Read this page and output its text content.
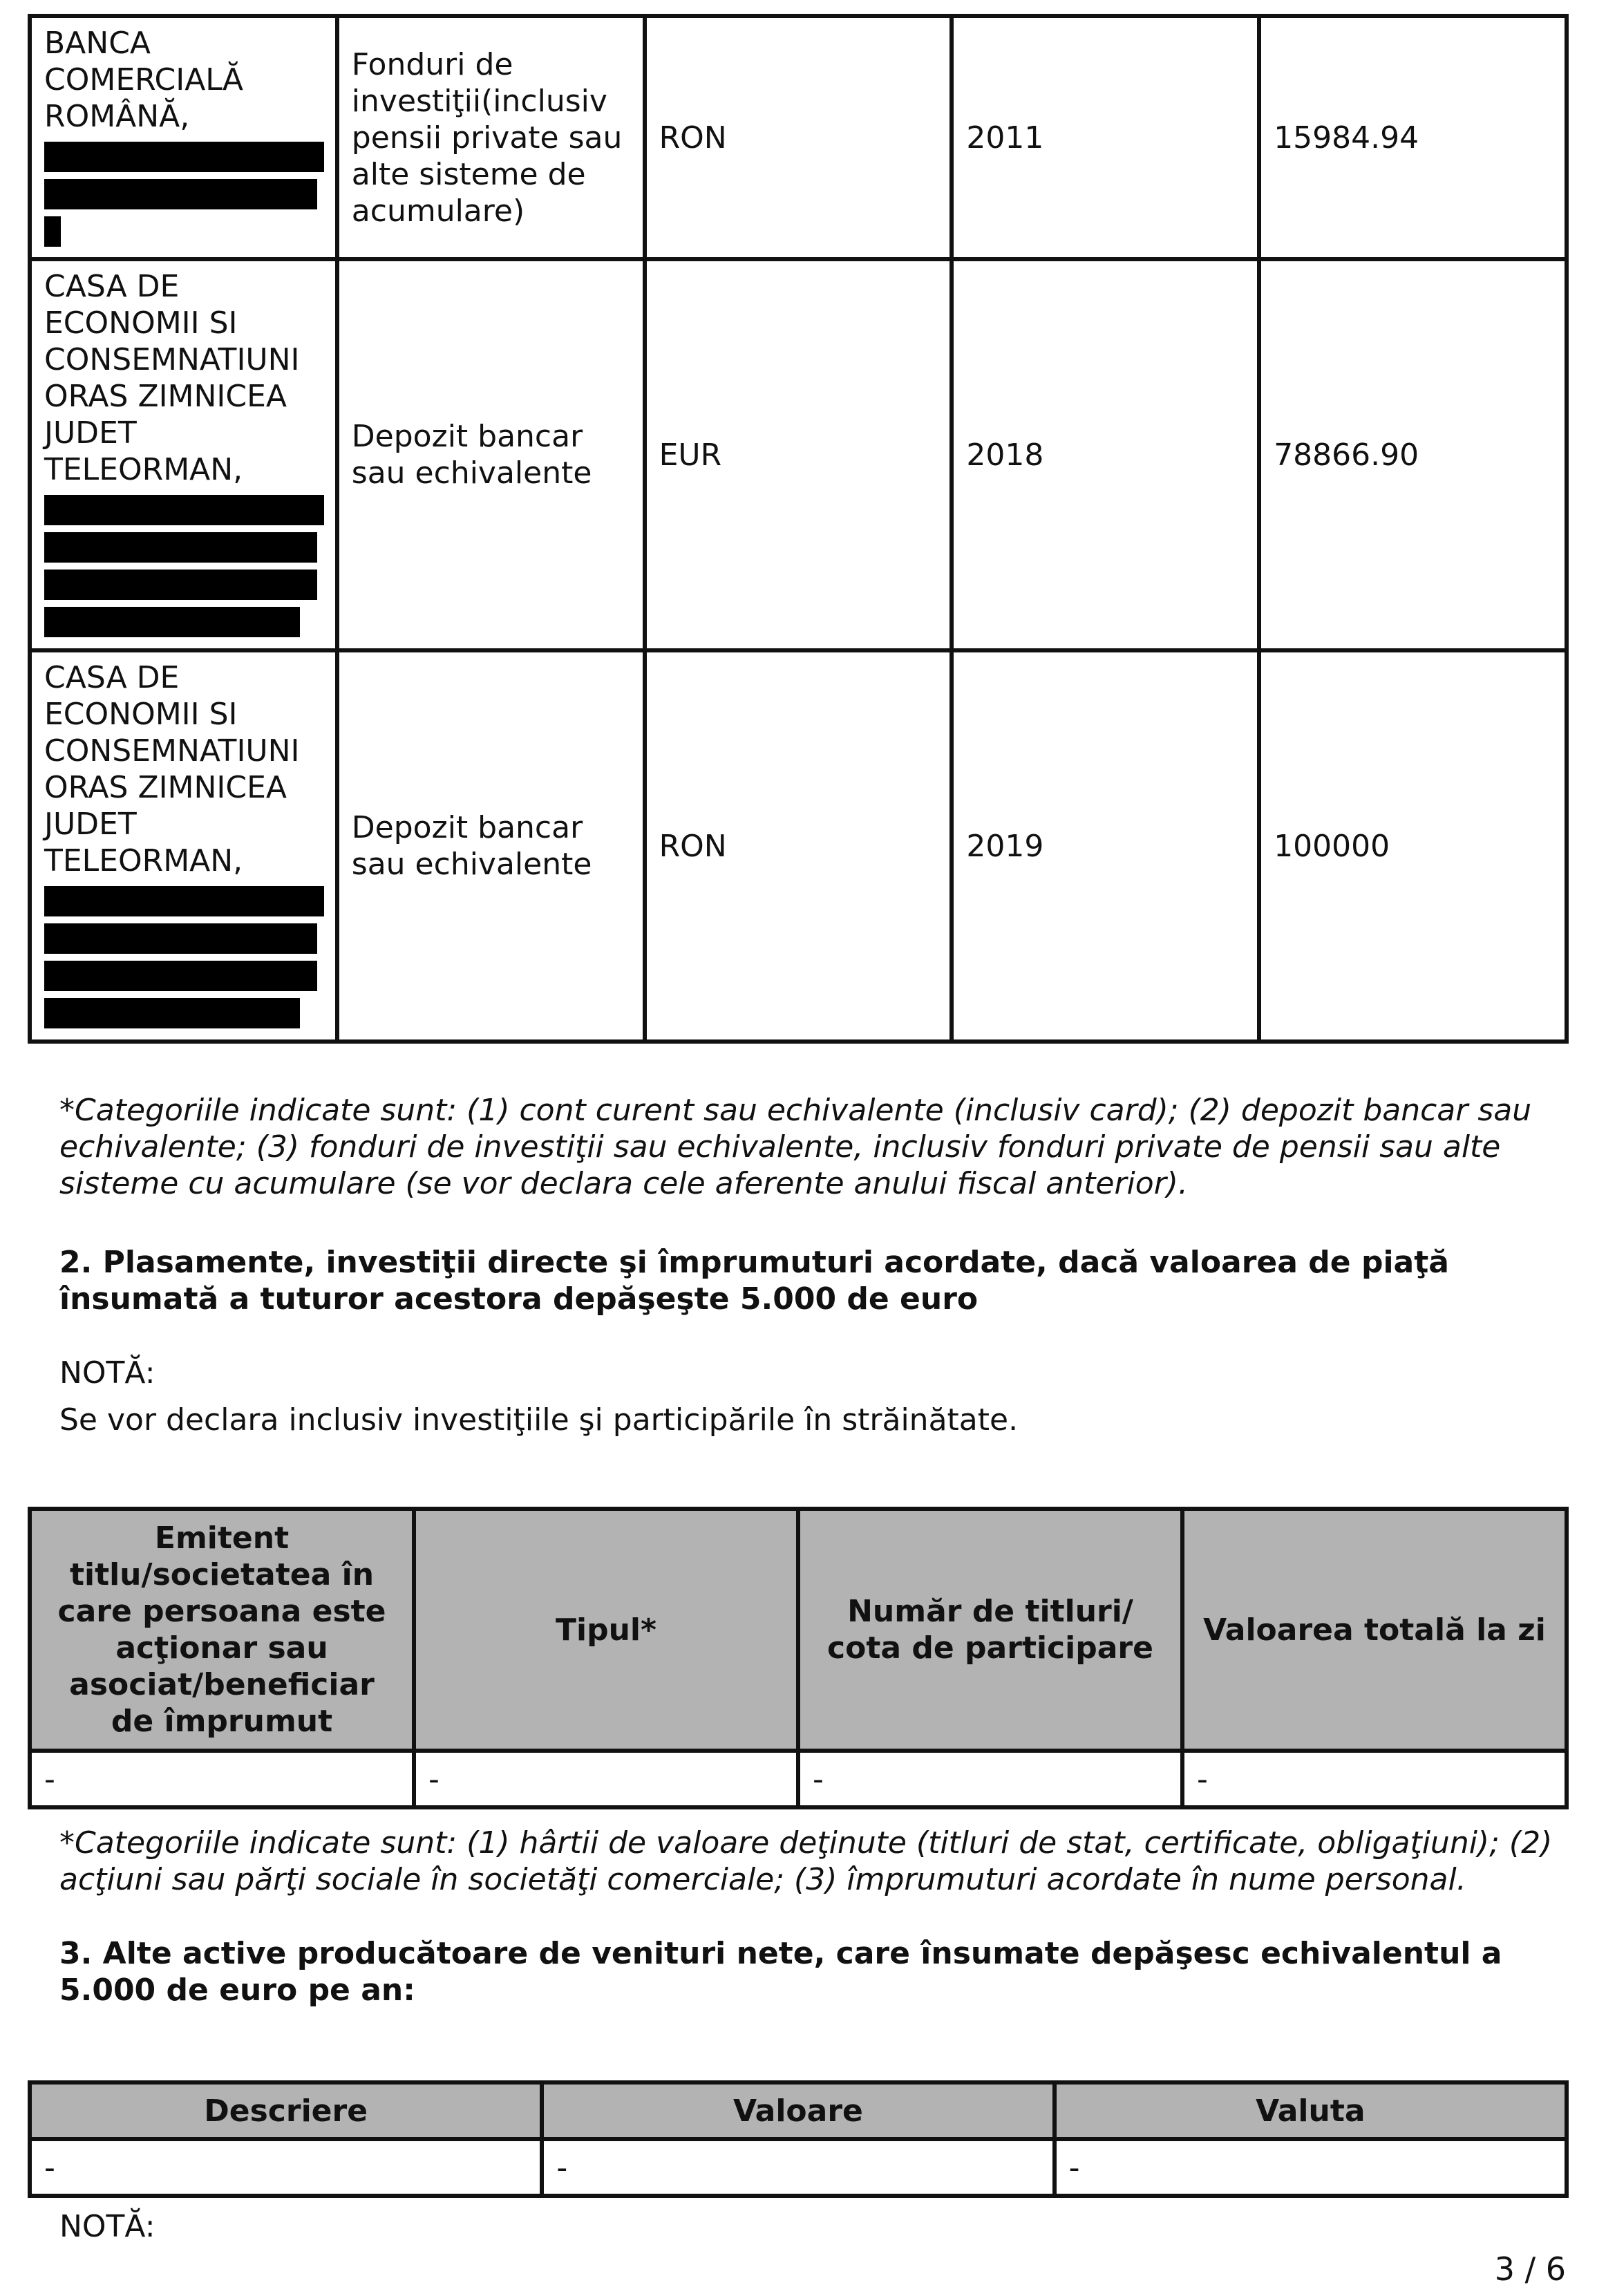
BANCA COMERCIALĂ ROMÂNĂ,	Fonduri de investiţii(inclusiv pensii private sau alte sisteme de acumulare)	RON	2011	15984.94
CASA DE ECONOMII SI CONSEMNATIUNI ORAS ZIMNICEA JUDET TELEORMAN,	Depozit bancar sau echivalente	EUR	2018	78866.90
CASA DE ECONOMII SI CONSEMNATIUNI ORAS ZIMNICEA JUDET TELEORMAN,	Depozit bancar sau echivalente	RON	2019	100000

*Categoriile indicate sunt: (1) cont curent sau echivalente (inclusiv card); (2) depozit bancar sau echivalente; (3) fonduri de investiţii sau echivalente, inclusiv fonduri private de pensii sau alte sisteme cu acumulare (se vor declara cele aferente anului fiscal anterior).

2. Plasamente, investiţii directe şi împrumuturi acordate, dacă valoarea de piaţă însumată a tuturor acestora depăşeşte 5.000 de euro

NOTĂ:

Se vor declara inclusiv investiţiile şi participările în străinătate.

Emitent titlu/societatea în care persoana este acţionar sau asociat/beneficiar de împrumut	Tipul*	Număr de titluri/ cota de participare	Valoarea totală la zi
-	-	-	-

*Categoriile indicate sunt: (1) hârtii de valoare deţinute (titluri de stat, certificate, obligaţiuni); (2) acţiuni sau părţi sociale în societăţi comerciale; (3) împrumuturi acordate în nume personal.

3. Alte active producătoare de venituri nete, care însumate depăşesc echivalentul a 5.000 de euro pe an:

Descriere	Valoare	Valuta
-	-	-

NOTĂ:

3 / 6
